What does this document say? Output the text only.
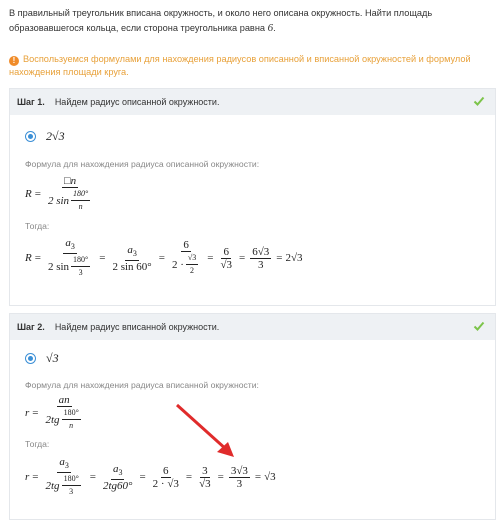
В правильный треугольник вписана окружность, и около него описана окружность. Найти площадь образовавшегося кольца, если сторона треугольника равна 6.
! Воспользуемся формулами для нахождения радиусов описанной и вписанной окружностей и формулой нахождения площади круга.
Шаг 1. Найдем радиус описанной окружности.
2√3
Формула для нахождения радиуса описанной окружности:
$R = \frac{□n}{2 \sin \frac{180^\circ}{n}}$
Тогда:
$R = \frac{a_3}{2 \sin \frac{180^\circ}{3}} = \frac{a_3}{2 \sin 60^\circ} = \frac{6}{2 \cdot \frac{√3}{2}} = \frac{6}{√3} = \frac{6√3}{3} = 2√3$
Шаг 2. Найдем радиус вписанной окружности.
√3
Формула для нахождения радиуса вписанной окружности:
$r = \frac{an}{2tg \frac{180^\circ}{n}}$
Тогда:
$r = \frac{a_3}{2tg \frac{180^\circ}{3}} = \frac{a_3}{2tg60^\circ} = \frac{6}{2 \cdot √3} = \frac{3}{√3} = \frac{3√3}{3} = √3$
